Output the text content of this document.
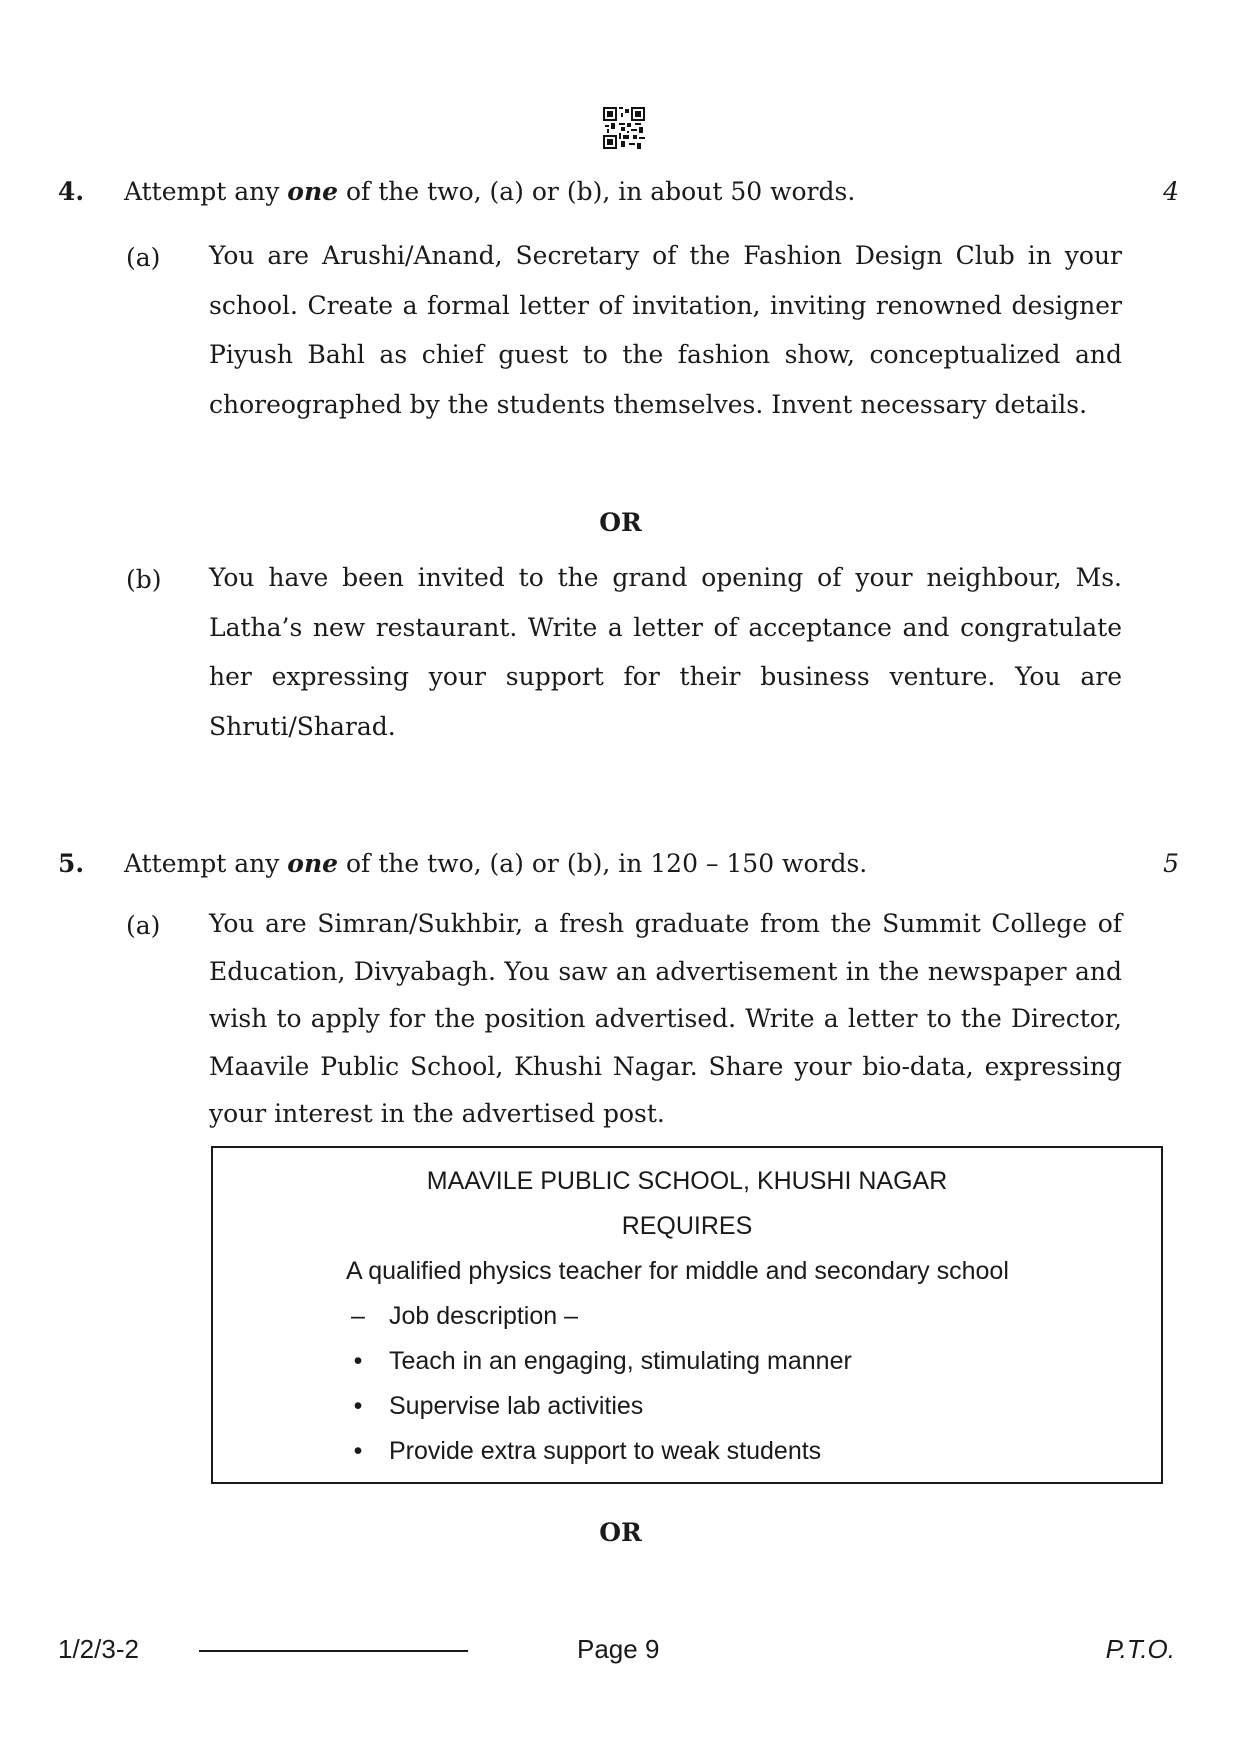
4. Attempt any one of the two, (a) or (b), in about 50 words.	4
(a) You are Arushi/Anand, Secretary of the Fashion Design Club in your school. Create a formal letter of invitation, inviting renowned designer Piyush Bahl as chief guest to the fashion show, conceptualized and choreographed by the students themselves. Invent necessary details.
OR
(b) You have been invited to the grand opening of your neighbour, Ms. Latha’s new restaurant. Write a letter of acceptance and congratulate her expressing your support for their business venture. You are Shruti/Sharad.
5. Attempt any one of the two, (a) or (b), in 120 – 150 words.	5
(a) You are Simran/Sukhbir, a fresh graduate from the Summit College of Education, Divyabagh. You saw an advertisement in the newspaper and wish to apply for the position advertised. Write a letter to the Director, Maavile Public School, Khushi Nagar. Share your bio-data, expressing your interest in the advertised post.
MAAVILE PUBLIC SCHOOL, KHUSHI NAGAR
REQUIRES
A qualified physics teacher for middle and secondary school
– Job description –
•	Teach in an engaging, stimulating manner
•	Supervise lab activities
•	Provide extra support to weak students
OR
1/2/3-2	Page 9	P.T.O.
